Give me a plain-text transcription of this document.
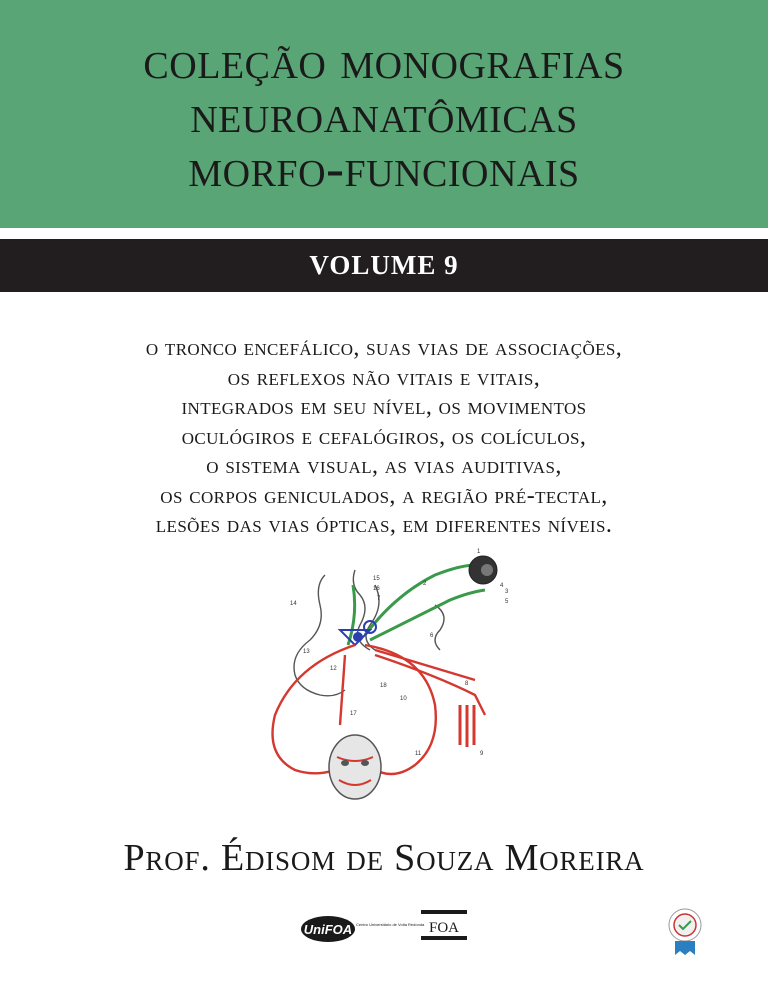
coleção monografias
neuroanatômicas
morfo-funcionais
VOLUME 9
o tronco encefálico, suas vias de associações,
os reflexos não vitais e vitais,
integrados em seu nível, os movimentos
oculógiros e cefalógiros, os colículos,
o sistema visual, as vias auditivas,
os corpos geniculados, a região pré-tectal,
lesões das vias ópticas, em diferentes níveis.
1
2
3
4
5
6
7
8
9
10
11
12
13
14
15
16
17
18
Prof. Édisom de Souza Moreira
UniFOA Centro Universitário de Volta Redonda FOA
